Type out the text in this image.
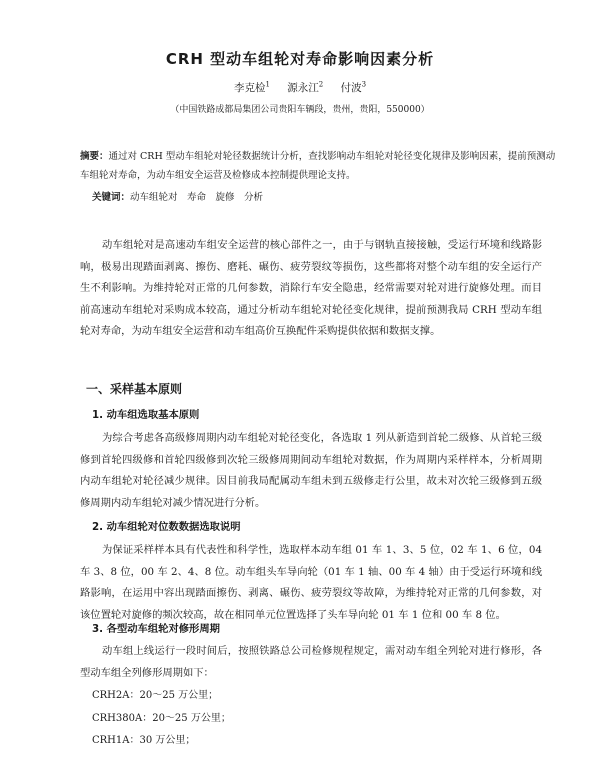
CRH 型动车组轮对寿命影响因素分析
李克检$^1$ 源永江$^2$ 付波$^3$
（中国铁路成都局集团公司贵阳车辆段，贵州，贵阳，550000）
摘要：通过对 CRH 型动车组轮对轮径数据统计分析，查找影响动车组轮对轮径变化规律及影响因素，提前预测动车组轮对寿命，为动车组安全运营及检修成本控制提供理论支持。
关键词：动车组轮对　寿命　旋修　分析
动车组轮对是高速动车组安全运营的核心部件之一，由于与钢轨直接接触，受运行环境和线路影响，极易出现踏面剥离、擦伤、磨耗、碾伤、疲劳裂纹等损伤，这些都将对整个动车组的安全运行产生不利影响。为维持轮对正常的几何参数，消除行车安全隐患，经常需要对轮对进行旋修处理。而目前高速动车组轮对采购成本较高，通过分析动车组轮对轮径变化规律，提前预测我局 CRH 型动车组轮对寿命，为动车组安全运营和动车组高价互换配件采购提供依据和数据支撑。
一、采样基本原则
1. 动车组选取基本原则
为综合考虑各高级修周期内动车组轮对轮径变化，各选取 1 列从新造到首轮二级修、从首轮三级修到首轮四级修和首轮四级修到次轮三级修周期间动车组轮对数据，作为周期内采样样本，分析周期内动车组轮对轮径减少规律。因目前我局配属动车组未到五级修走行公里，故未对次轮三级修到五级修周期内动车组轮对减少情况进行分析。
2. 动车组轮对位数数据选取说明
为保证采样样本具有代表性和科学性，选取样本动车组 01 车 1、3、5 位，02 车 1、6 位，04 车 3、8 位，00 车 2、4、8 位。动车组头车导向轮（01 车 1 轴、00 车 4 轴）由于受运行环境和线路影响，在运用中容出现踏面擦伤、剥离、碾伤、疲劳裂纹等故障，为维持轮对正常的几何参数，对该位置轮对旋修的频次较高，故在相同单元位置选择了头车导向轮 01 车 1 位和 00 车 8 位。
3. 各型动车组轮对修形周期
动车组上线运行一段时间后，按照铁路总公司检修规程规定，需对动车组全列轮对进行修形，各型动车组全列修形周期如下：
CRH2A：20～25 万公里；
CRH380A：20～25 万公里；
CRH1A：30 万公里；
